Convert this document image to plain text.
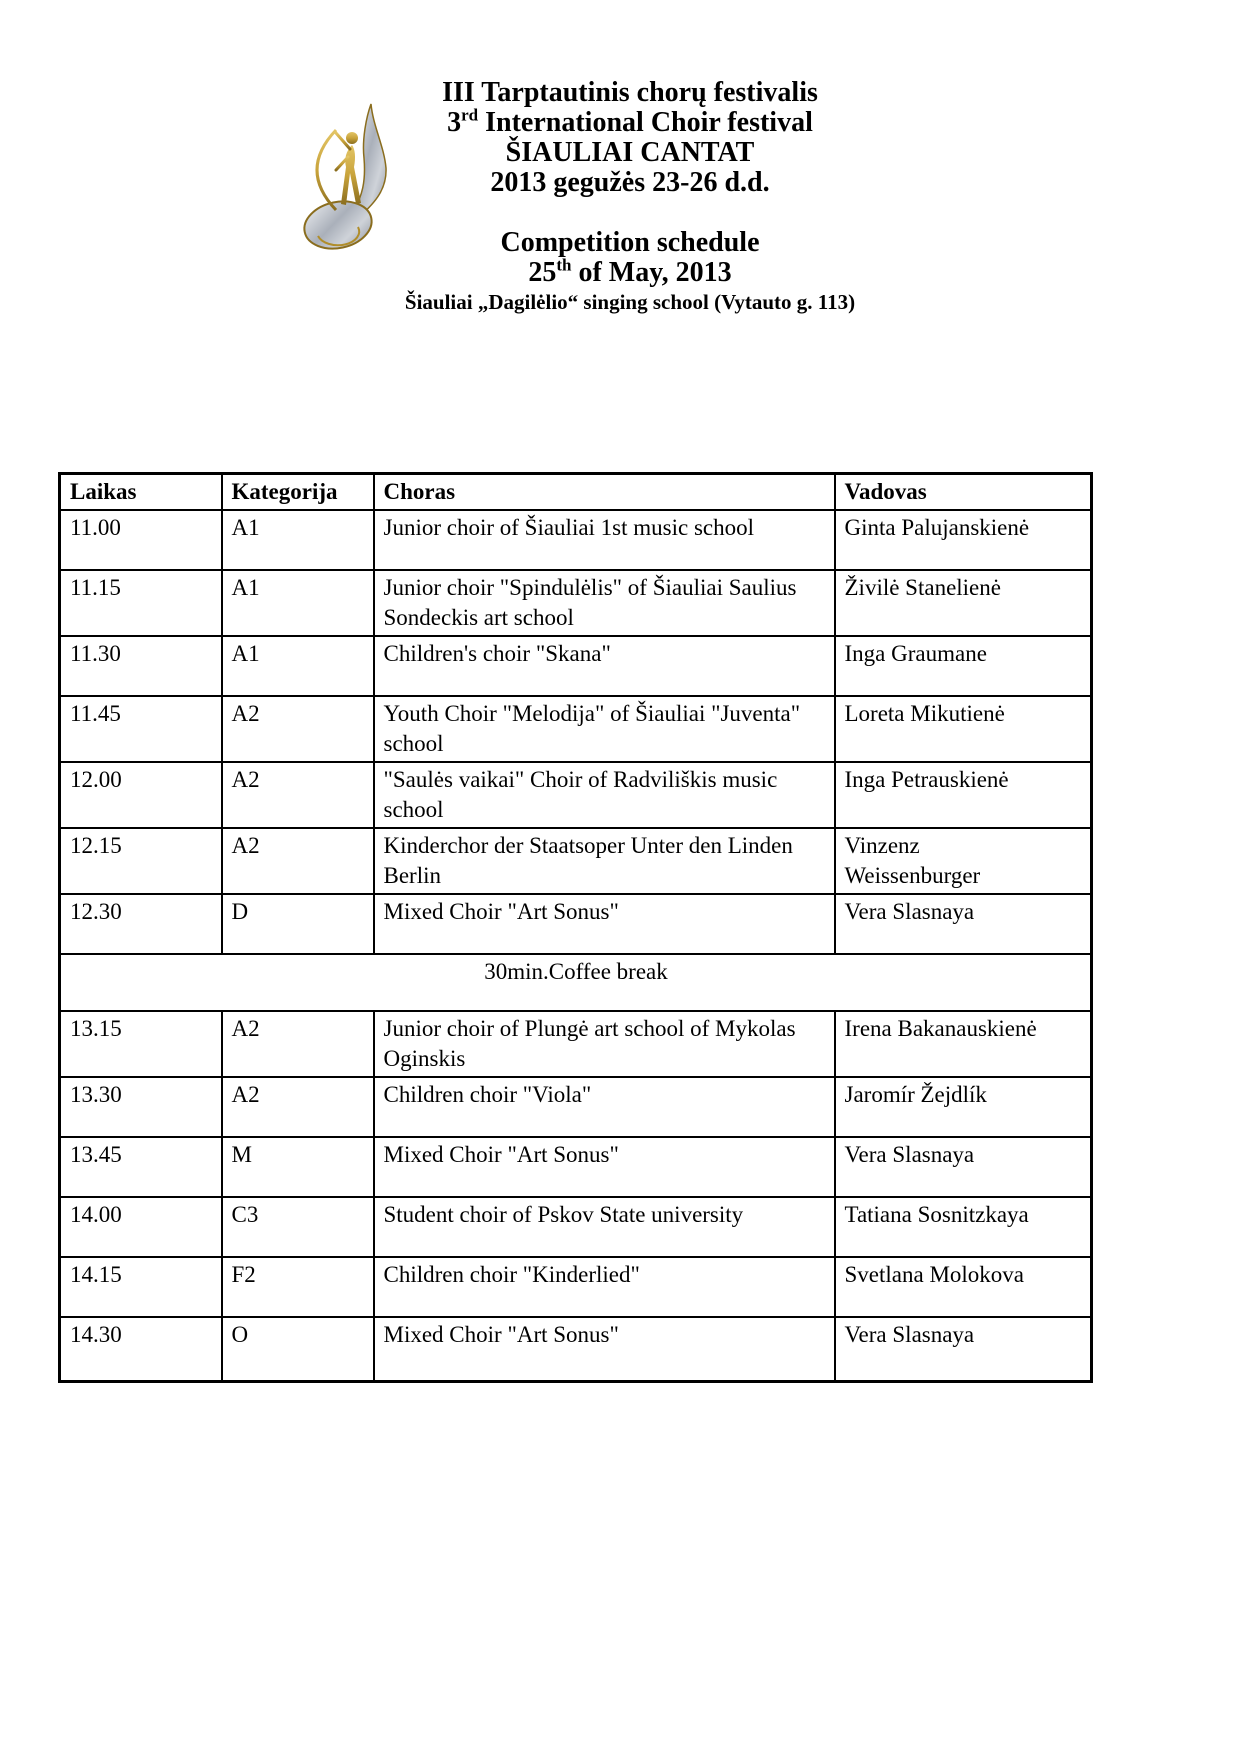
III Tarptautinis chorų festivalis
3rd International Choir festival
ŠIAULIAI CANTAT
2013 gegužės 23-26 d.d.
Competition schedule
25th of May, 2013
Šiauliai „Dagilėlio“ singing school (Vytauto g. 113)
Laikas	Kategorija	Choras	Vadovas
11.00	A1	Junior choir of Šiauliai 1st music school	Ginta Palujanskienė
11.15	A1	Junior choir "Spindulėlis" of Šiauliai Saulius Sondeckis art school	Živilė Stanelienė
11.30	A1	Children's choir "Skana"	Inga Graumane
11.45	A2	Youth Choir "Melodija" of Šiauliai "Juventa" school	Loreta Mikutienė
12.00	A2	"Saulės vaikai" Choir of Radviliškis music school	Inga Petrauskienė
12.15	A2	Kinderchor der Staatsoper Unter den Linden Berlin	Vinzenz Weissenburger
12.30	D	Mixed Choir "Art Sonus"	Vera Slasnaya
30min.Coffee break			
13.15	A2	Junior choir of Plungė art school of Mykolas Oginskis	Irena Bakanauskienė
13.30	A2	Children choir "Viola"	Jaromír Žejdlík
13.45	M	Mixed Choir "Art Sonus"	Vera Slasnaya
14.00	C3	Student choir of Pskov State university	Tatiana Sosnitzkaya
14.15	F2	Children choir "Kinderlied"	Svetlana Molokova
14.30	O	Mixed Choir "Art Sonus"	Vera Slasnaya
